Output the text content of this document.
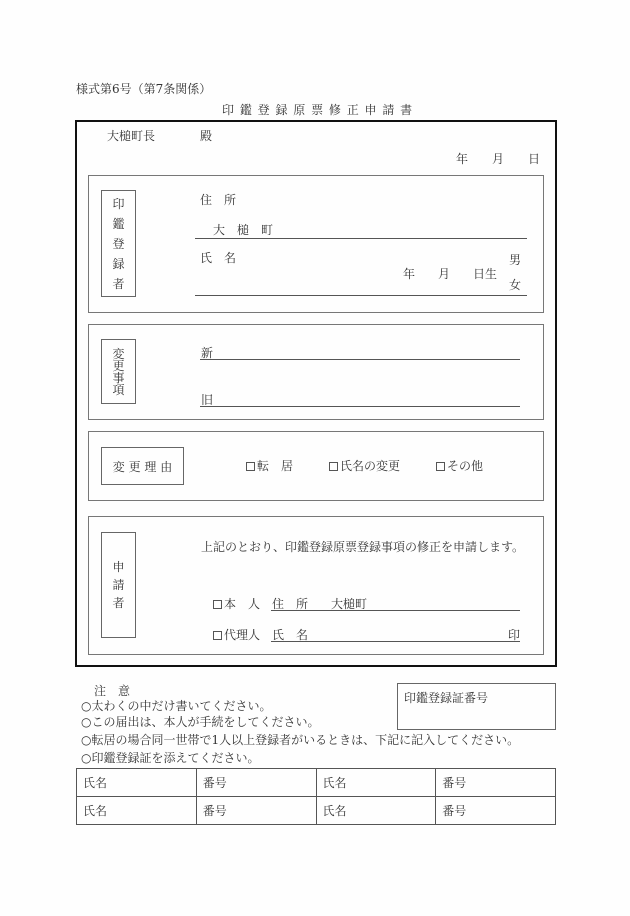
様式第6号（第7条関係）
印 鑑 登 録 原 票 修 正 申 請 書
大槌町長	殿
年 月 日
印
鑑
登
録
者
住　所
大　槌　町
氏　名
年 月 日生
男
女
変
更
事
項
新
旧
変 更 理 由	転　居	氏名の変更	その他
申
請
者
上記のとおり、印鑑登録原票登録事項の修正を申請します。
本　人 住　所 大槌町
代理人 氏　名	印
注　意
○太わくの中だけ書いてください。
○この届出は、本人が手続をしてください。
○転居の場合同一世帯で1人以上登録者がいるときは、下記に記入してください。
○印鑑登録証を添えてください。
印鑑登録証番号
氏名	番号	氏名	番号
氏名	番号	氏名	番号
